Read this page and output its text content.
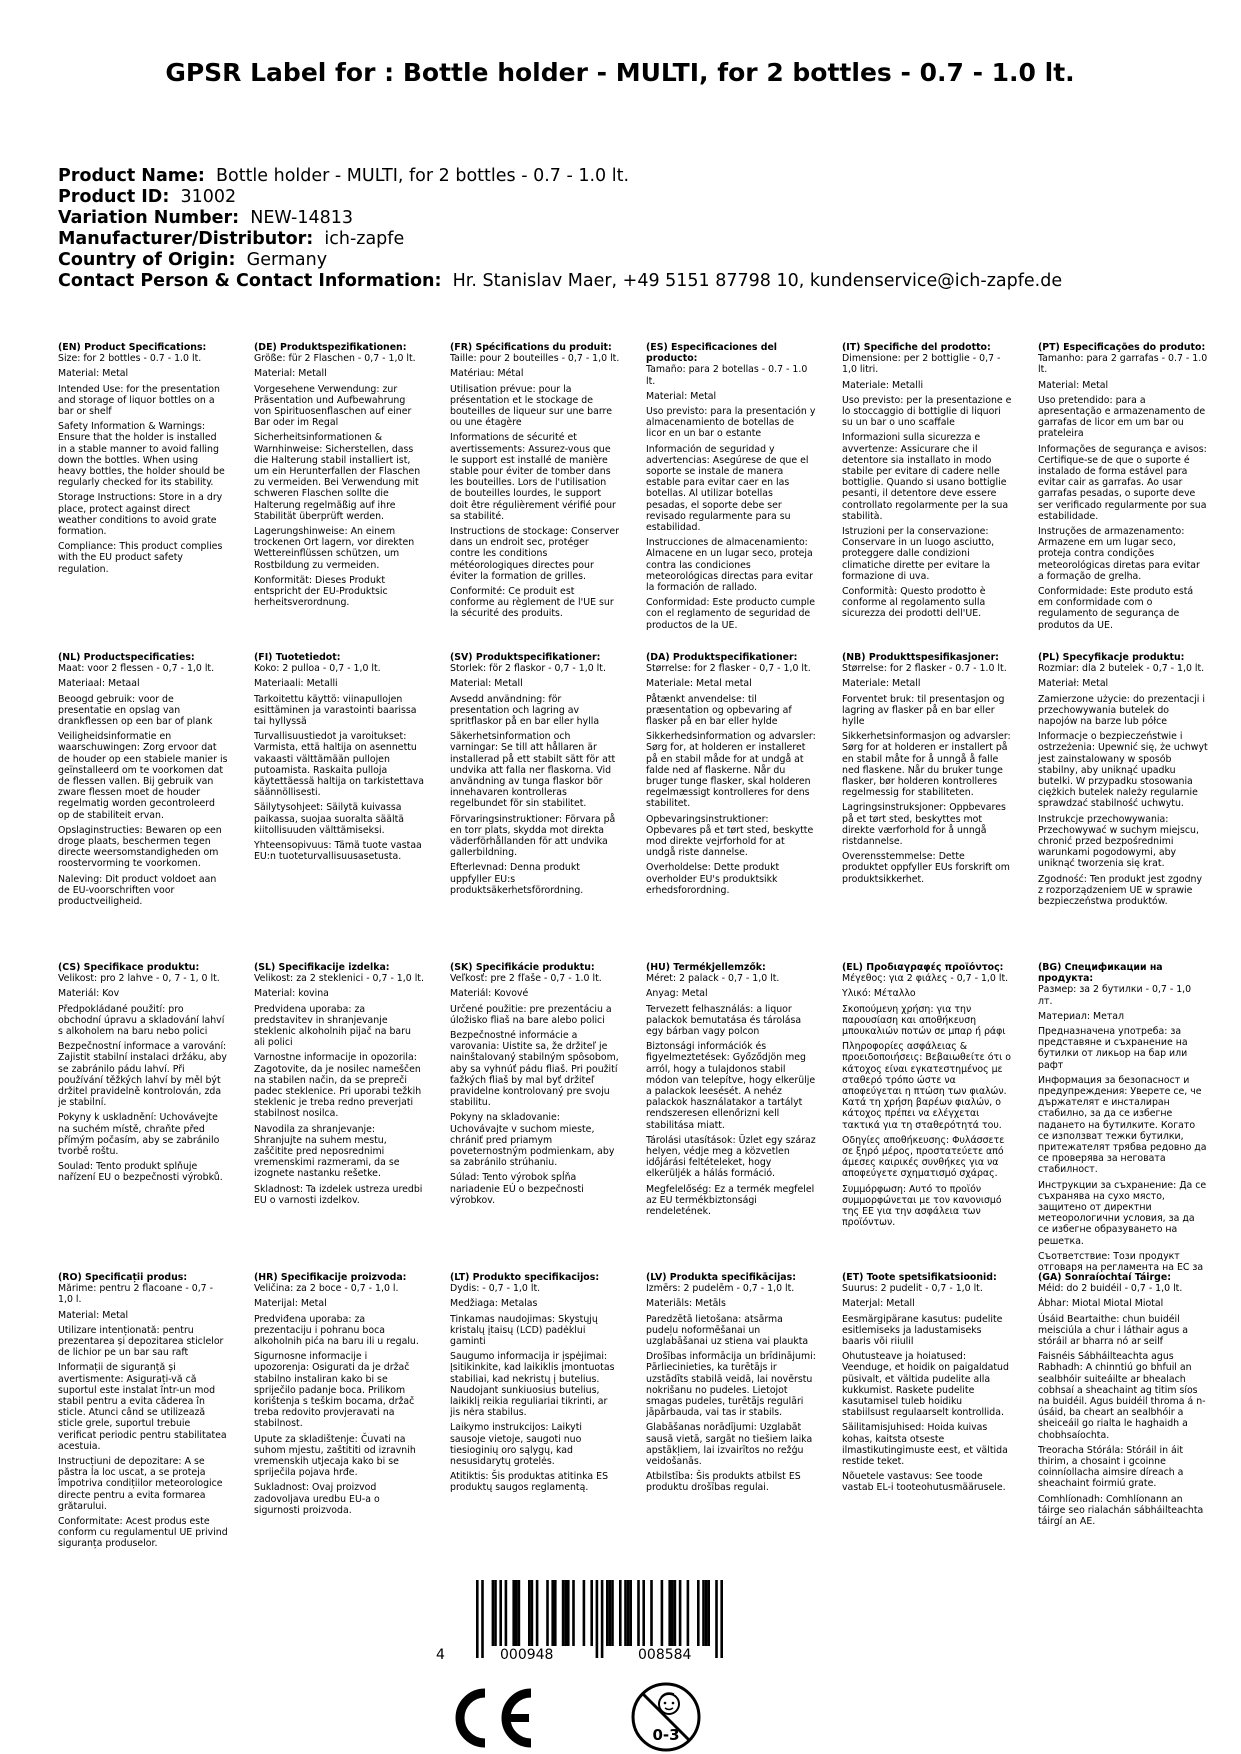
GPSR Label for : Bottle holder - MULTI, for 2 bottles - 0.7 - 1.0 lt.
Product Name: Bottle holder - MULTI, for 2 bottles - 0.7 - 1.0 lt.
Product ID: 31002
Variation Number: NEW-14813
Manufacturer/Distributor: ich-zapfe
Country of Origin: Germany
Contact Person & Contact Information: Hr. Stanislav Maer, +49 5151 87798 10, kundenservice@ich-zapfe.de
(EN) Product Specifications:
Size: for 2 bottles - 0.7 - 1.0 lt.
Material: Metal
Intended Use: for the presentation and storage of liquor bottles on a bar or shelf
Safety Information & Warnings: Ensure that the holder is installed in a stable manner to avoid falling down the bottles. When using heavy bottles, the holder should be regularly checked for its stability.
Storage Instructions: Store in a dry place, protect against direct weather conditions to avoid grate formation.
Compliance: This product complies with the EU product safety regulation.
(DE) Produktspezifikationen:
Größe: für 2 Flaschen - 0,7 - 1,0 lt.
Material: Metall
Vorgesehene Verwendung: zur Präsentation und Aufbewahrung von Spirituosenflaschen auf einer Bar oder im Regal
Sicherheitsinformationen & Warnhinweise: Sicherstellen, dass die Halterung stabil installiert ist, um ein Herunterfallen der Flaschen zu vermeiden. Bei Verwendung mit schweren Flaschen sollte die Halterung regelmäßig auf ihre Stabilität überprüft werden.
Lagerungshinweise: An einem trockenen Ort lagern, vor direkten Wettereinflüssen schützen, um Rostbildung zu vermeiden.
Konformität: Dieses Produkt entspricht der EU-Produktsic herheitsverordnung.
(FR) Spécifications du produit:
Taille: pour 2 bouteilles - 0,7 - 1,0 lt.
Matériau: Métal
Utilisation prévue: pour la présentation et le stockage de bouteilles de liqueur sur une barre ou une étagère
Informations de sécurité et avertissements: Assurez-vous que le support est installé de manière stable pour éviter de tomber dans les bouteilles. Lors de l'utilisation de bouteilles lourdes, le support doit être régulièrement vérifié pour sa stabilité.
Instructions de stockage: Conserver dans un endroit sec, protéger contre les conditions météorologiques directes pour éviter la formation de grilles.
Conformité: Ce produit est conforme au règlement de l'UE sur la sécurité des produits.
(ES) Especificaciones del producto:
Tamaño: para 2 botellas - 0.7 - 1.0 lt.
Material: Metal
Uso previsto: para la presentación y almacenamiento de botellas de licor en un bar o estante
Información de seguridad y advertencias: Asegúrese de que el soporte se instale de manera estable para evitar caer en las botellas. Al utilizar botellas pesadas, el soporte debe ser revisado regularmente para su estabilidad.
Instrucciones de almacenamiento: Almacene en un lugar seco, proteja contra las condiciones meteorológicas directas para evitar la formación de rallado.
Conformidad: Este producto cumple con el reglamento de seguridad de productos de la UE.
(IT) Specifiche del prodotto:
Dimensione: per 2 bottiglie - 0,7 - 1,0 litri.
Materiale: Metalli
Uso previsto: per la presentazione e lo stoccaggio di bottiglie di liquori su un bar o uno scaffale
Informazioni sulla sicurezza e avvertenze: Assicurare che il detentore sia installato in modo stabile per evitare di cadere nelle bottiglie. Quando si usano bottiglie pesanti, il detentore deve essere controllato regolarmente per la sua stabilità.
Istruzioni per la conservazione: Conservare in un luogo asciutto, proteggere dalle condizioni climatiche dirette per evitare la formazione di uva.
Conformità: Questo prodotto è conforme al regolamento sulla sicurezza dei prodotti dell'UE.
(PT) Especificações do produto:
Tamanho: para 2 garrafas - 0.7 - 1.0 lt.
Material: Metal
Uso pretendido: para a apresentação e armazenamento de garrafas de licor em um bar ou prateleira
Informações de segurança e avisos: Certifique-se de que o suporte é instalado de forma estável para evitar cair as garrafas. Ao usar garrafas pesadas, o suporte deve ser verificado regularmente por sua estabilidade.
Instruções de armazenamento: Armazene em um lugar seco, proteja contra condições meteorológicas diretas para evitar a formação de grelha.
Conformidade: Este produto está em conformidade com o regulamento de segurança de produtos da UE.
(NL) Productspecificaties:
Maat: voor 2 flessen - 0,7 - 1,0 lt.
Materiaal: Metaal
Beoogd gebruik: voor de presentatie en opslag van drankflessen op een bar of plank
Veiligheidsinformatie en waarschuwingen: Zorg ervoor dat de houder op een stabiele manier is geïnstalleerd om te voorkomen dat de flessen vallen. Bij gebruik van zware flessen moet de houder regelmatig worden gecontroleerd op de stabiliteit ervan.
Opslaginstructies: Bewaren op een droge plaats, beschermen tegen directe weersomstandigheden om roostervorming te voorkomen.
Naleving: Dit product voldoet aan de EU-voorschriften voor productveiligheid.
(FI) Tuotetiedot:
Koko: 2 pulloa - 0,7 - 1,0 lt.
Materiaali: Metalli
Tarkoitettu käyttö: viinapullojen esittäminen ja varastointi baarissa tai hyllyssä
Turvallisuustiedot ja varoitukset: Varmista, että haltija on asennettu vakaasti välttämään pullojen putoamista. Raskaita pulloja käytettäessä haltija on tarkistettava säännöllisesti.
Säilytysohjeet: Säilytä kuivassa paikassa, suojaa suoralta säältä kiitollisuuden välttämiseksi.
Yhteensopivuus: Tämä tuote vastaa EU:n tuoteturvallisuusasetusta.
(SV) Produktspecifikationer:
Storlek: för 2 flaskor - 0,7 - 1,0 lt.
Material: Metall
Avsedd användning: för presentation och lagring av spritflaskor på en bar eller hylla
Säkerhetsinformation och varningar: Se till att hållaren är installerad på ett stabilt sätt för att undvika att falla ner flaskorna. Vid användning av tunga flaskor bör innehavaren kontrolleras regelbundet för sin stabilitet.
Förvaringsinstruktioner: Förvara på en torr plats, skydda mot direkta väderförhållanden för att undvika gallerbildning.
Efterlevnad: Denna produkt uppfyller EU:s produktsäkerhetsförordning.
(DA) Produktspecifikationer:
Størrelse: for 2 flasker - 0,7 - 1,0 lt.
Materiale: Metal metal
Påtænkt anvendelse: til præsentation og opbevaring af flasker på en bar eller hylde
Sikkerhedsinformation og advarsler: Sørg for, at holderen er installeret på en stabil måde for at undgå at falde ned af flaskerne. Når du bruger tunge flasker, skal holderen regelmæssigt kontrolleres for dens stabilitet.
Opbevaringsinstruktioner: Opbevares på et tørt sted, beskytte mod direkte vejrforhold for at undgå riste dannelse.
Overholdelse: Dette produkt overholder EU's produktsikk erhedsforordning.
(NB) Produkttspesifikasjoner:
Størrelse: for 2 flasker - 0.7 - 1.0 lt.
Materiale: Metall
Forventet bruk: til presentasjon og lagring av flasker på en bar eller hylle
Sikkerhetsinformasjon og advarsler: Sørg for at holderen er installert på en stabil måte for å unngå å falle ned flaskene. Når du bruker tunge flasker, bør holderen kontrolleres regelmessig for stabiliteten.
Lagringsinstruksjoner: Oppbevares på et tørt sted, beskyttes mot direkte værforhold for å unngå ristdannelse.
Overensstemmelse: Dette produktet oppfyller EUs forskrift om produktsikkerhet.
(PL) Specyfikacje produktu:
Rozmiar: dla 2 butelek - 0,7 - 1,0 lt.
Materiał: Metal
Zamierzone użycie: do prezentacji i przechowywania butelek do napojów na barze lub półce
Informacje o bezpieczeństwie i ostrzeżenia: Upewnić się, że uchwyt jest zainstalowany w sposób stabilny, aby uniknąć upadku butelki. W przypadku stosowania ciężkich butelek należy regularnie sprawdzać stabilność uchwytu.
Instrukcje przechowywania: Przechowywać w suchym miejscu, chronić przed bezpośrednimi warunkami pogodowymi, aby uniknąć tworzenia się krat.
Zgodność: Ten produkt jest zgodny z rozporządzeniem UE w sprawie bezpieczeństwa produktów.
(CS) Specifikace produktu:
Velikost: pro 2 lahve - 0, 7 - 1, 0 lt.
Materiál: Kov
Předpokládané použití: pro obchodní úpravu a skladování lahví s alkoholem na baru nebo polici
Bezpečnostní informace a varování: Zajistit stabilní instalaci držáku, aby se zabránilo pádu lahví. Při používání těžkých lahví by měl být držitel pravidelně kontrolován, zda je stabilní.
Pokyny k uskladnění: Uchovávejte na suchém místě, chraňte před přímým počasím, aby se zabránilo tvorbě roštu.
Soulad: Tento produkt splňuje nařízení EU o bezpečnosti výrobků.
(SL) Specifikacije izdelka:
Velikost: za 2 steklenici - 0,7 - 1,0 lt.
Material: kovina
Predvidena uporaba: za predstavitev in shranjevanje steklenic alkoholnih pijač na baru ali polici
Varnostne informacije in opozorila: Zagotovite, da je nosilec nameščen na stabilen način, da se prepreči padec steklenice. Pri uporabi težkih steklenic je treba redno preverjati stabilnost nosilca.
Navodila za shranjevanje: Shranjujte na suhem mestu, zaščitite pred neposrednimi vremenskimi razmerami, da se izognete nastanku rešetke.
Skladnost: Ta izdelek ustreza uredbi EU o varnosti izdelkov.
(SK) Špecifikácie produktu:
Veľkosť: pre 2 fľaše - 0,7 - 1.0 lt.
Materiál: Kovové
Určené použitie: pre prezentáciu a úložisko fliaš na bare alebo polici
Bezpečnostné informácie a varovania: Uistite sa, že držiteľ je nainštalovaný stabilným spôsobom, aby sa vyhnúť pádu fliaš. Pri použití ťažkých fliaš by mal byť držiteľ pravidelne kontrolovaný pre svoju stabilitu.
Pokyny na skladovanie: Uchovávajte v suchom mieste, chrániť pred priamym poveternostným podmienkam, aby sa zabránilo strúhaniu.
Súlad: Tento výrobok spĺňa nariadenie EÚ o bezpečnosti výrobkov.
(HU) Termékjellemzők:
Méret: 2 palack - 0,7 - 1,0 lt.
Anyag: Metal
Tervezett felhasználás: a liquor palackok bemutatása és tárolása egy bárban vagy polcon
Biztonsági információk és figyelmeztetések: Győződjön meg arról, hogy a tulajdonos stabil módon van telepítve, hogy elkerülje a palackok leesését. A nehéz palackok használatakor a tartályt rendszeresen ellenőrizni kell stabilitása miatt.
Tárolási utasítások: Üzlet egy száraz helyen, védje meg a közvetlen időjárási feltételeket, hogy elkerüljék a hálás formáció.
Megfelelőség: Ez a termék megfelel az EU termékbiztonsági rendeletének.
(EL) Προδιαγραφές προϊόντος:
Μέγεθος: για 2 φιάλες - 0,7 - 1,0 lt.
Υλικό: Μέταλλο
Σκοπούμενη χρήση: για την παρουσίαση και αποθήκευση μπουκαλιών ποτών σε μπαρ ή ράφι
Πληροφορίες ασφάλειας & προειδοποιήσεις: Βεβαιωθείτε ότι ο κάτοχος είναι εγκατεστημένος με σταθερό τρόπο ώστε να αποφεύγεται η πτώση των φιαλών. Κατά τη χρήση βαρέων φιαλών, ο κάτοχος πρέπει να ελέγχεται τακτικά για τη σταθερότητά του.
Οδηγίες αποθήκευσης: Φυλάσσετε σε ξηρό μέρος, προστατεύετε από άμεσες καιρικές συνθήκες για να αποφεύγετε σχηματισμό σχάρας.
Συμμόρφωση: Αυτό το προϊόν συμμορφώνεται με τον κανονισμό της ΕΕ για την ασφάλεια των προϊόντων.
(BG) Спецификации на продукта:
Размер: за 2 бутилки - 0,7 - 1,0 лт.
Материал: Метал
Предназначена употреба: за представяне и съхранение на бутилки от ликьор на бар или рафт
Информация за безопасност и предупреждения: Уверете се, че държателят е инсталиран стабилно, за да се избегне падането на бутилките. Когато се използват тежки бутилки, притежателят трябва редовно да се проверява за неговата стабилност.
Инструкции за съхранение: Да се съхранява на сухо място, защитено от директни метеорологични условия, за да се избегне образуването на решетка.
Съответствие: Този продукт отговаря на регламента на ЕС за
(RO) Specificații produs:
Mărime: pentru 2 flacoane - 0,7 - 1,0 l.
Material: Metal
Utilizare intenționată: pentru prezentarea și depozitarea sticlelor de lichior pe un bar sau raft
Informații de siguranță și avertismente: Asigurați-vă că suportul este instalat într-un mod stabil pentru a evita căderea în sticle. Atunci când se utilizează sticle grele, suportul trebuie verificat periodic pentru stabilitatea acestuia.
Instrucțiuni de depozitare: A se păstra la loc uscat, a se proteja împotriva condițiilor meteorologice directe pentru a evita formarea grătarului.
Conformitate: Acest produs este conform cu regulamentul UE privind siguranța produselor.
(HR) Specifikacije proizvoda:
Veličina: za 2 boce - 0,7 - 1,0 l.
Materijal: Metal
Predviđena uporaba: za prezentaciju i pohranu boca alkoholnih pića na baru ili u regalu.
Sigurnosne informacije i upozorenja: Osigurati da je držač stabilno instaliran kako bi se spriječilo padanje boca. Prilikom korištenja s teškim bocama, držač treba redovito provjeravati na stabilnost.
Upute za skladištenje: Čuvati na suhom mjestu, zaštititi od izravnih vremenskih utjecaja kako bi se spriječila pojava hrđe.
Sukladnost: Ovaj proizvod zadovoljava uredbu EU-a o sigurnosti proizvoda.
(LT) Produkto specifikacijos:
Dydis: - 0,7 - 1,0 lt.
Medžiaga: Metalas
Tinkamas naudojimas: Skystųjų kristalų įtaisų (LCD) padėklui gaminti
Saugumo informacija ir įspėjimai: Įsitikinkite, kad laikiklis įmontuotas stabiliai, kad nekristų į butelius. Naudojant sunkiuosius butelius, laikiklį reikia reguliariai tikrinti, ar jis nėra stabilus.
Laikymo instrukcijos: Laikyti sausoje vietoje, saugoti nuo tiesioginių oro sąlygų, kad nesusidarytų grotelės.
Atitiktis: Šis produktas atitinka ES produktų saugos reglamentą.
(LV) Produkta specifikācijas:
Izmērs: 2 pudelēm - 0,7 - 1,0 lt.
Materiāls: Metāls
Paredzētā lietošana: atsārma pudeļu noformēšanai un uzglabāšanai uz stienа vai plaukta
Drošības informācija un brīdinājumi: Pārliecinieties, ka turētājs ir uzstādīts stabilā veidā, lai novērstu nokrišanu no pudeles. Lietojot smagas pudeles, turētājs regulāri jāpārbauda, vai tas ir stabils.
Glabāšanas norādījumi: Uzglabāt sausā vietā, sargāt no tiešiem laika apstākļiem, lai izvairītos no režģu veidošanās.
Atbilstība: Šis produkts atbilst ES produktu drošības regulai.
(ET) Toote spetsifikatsioonid:
Suurus: 2 pudelit - 0,7 - 1,0 lt.
Materjal: Metall
Eesmärgipärane kasutus: pudelite esitlemiseks ja ladustamiseks baaris või riiulil
Ohutusteave ja hoiatused: Veenduge, et hoidik on paigaldatud püsivalt, et vältida pudelite alla kukkumist. Raskete pudelite kasutamisel tuleb hoidiku stabiilsust regulaarselt kontrollida.
Säilitamisjuhised: Hoida kuivas kohas, kaitsta otseste ilmastikutingimuste eest, et vältida restide teket.
Nõuetele vastavus: See toode vastab EL-i tooteohutusmäärusele.
(GA) Sonraíochtaí Táirge:
Méid: do 2 buidéil - 0,7 - 1,0 lt.
Ábhar: Miotal Miotal Miotal
Úsáid Beartaithe: chun buidéil meisciúla a chur i láthair agus a stóráil ar bharra nó ar seilf
Faisnéis Sábháilteachta agus Rabhadh: A chinntiú go bhfuil an sealbhóir suiteáilte ar bhealach cobhsaí a sheachaint ag titim síos na buidéil. Agus buidéil throma á n-úsáid, ba cheart an sealbhóir a sheiceáil go rialta le haghaidh a chobhsaíochta.
Treoracha Stórála: Stóráil in áit thirim, a chosaint i gcoinne coinníollacha aimsire díreach a sheachaint foirmiú grate.
Comhlíonadh: Comhlíonann an táirge seo rialachán sábháilteachta táirgí an AE.
4	000948	008584
0-3
